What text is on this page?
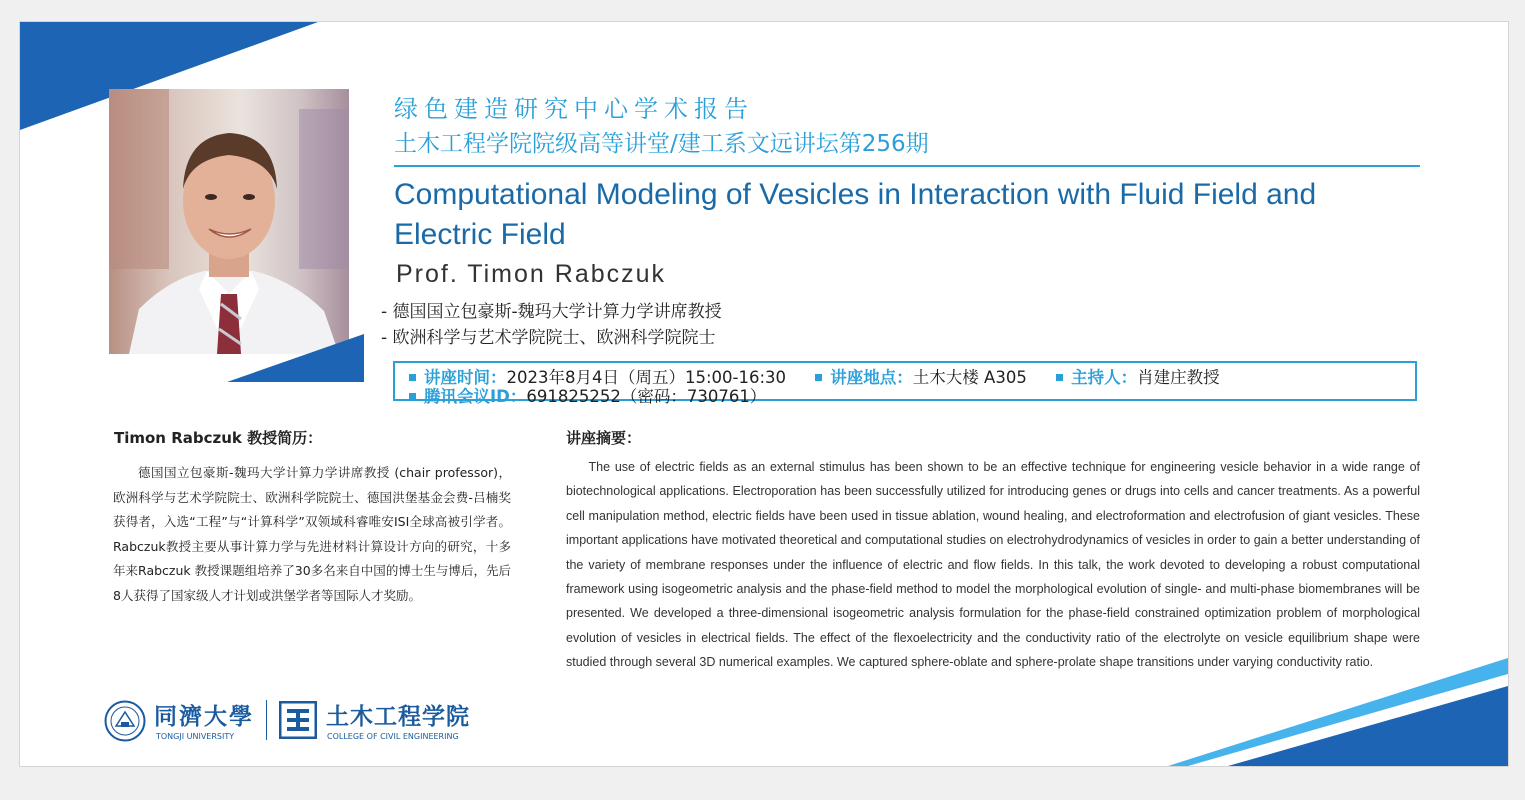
绿色建造研究中心学术报告
土木工程学院院级高等讲堂/建工系文远讲坛第256期
Computational Modeling of Vesicles in Interaction with Fluid Field and Electric Field
Prof. Timon Rabczuk
- 德国国立包豪斯-魏玛大学计算力学讲席教授
- 欧洲科学与艺术学院院士、欧洲科学院院士
讲座时间：2023年8月4日（周五）15:00-16:30	讲座地点：土木大楼 A305	主持人：肖建庄教授
腾讯会议ID：691825252（密码：730761）
Timon Rabczuk 教授简历：
德国国立包豪斯-魏玛大学计算力学讲席教授 (chair professor)，欧洲科学与艺术学院院士、欧洲科学院院士、德国洪堡基金会费-吕楠奖获得者，入选“工程”与“计算科学”双领域科睿唯安ISI全球高被引学者。Rabczuk教授主要从事计算力学与先进材料计算设计方向的研究，十多年来Rabczuk 教授课题组培养了30多名来自中国的博士生与博后，先后8人获得了国家级人才计划或洪堡学者等国际人才奖励。
讲座摘要：
The use of electric fields as an external stimulus has been shown to be an effective technique for engineering vesicle behavior in a wide range of biotechnological applications. Electroporation has been successfully utilized for introducing genes or drugs into cells and cancer treatments. As a powerful cell manipulation method, electric fields have been used in tissue ablation, wound healing, and electroformation and electrofusion of giant vesicles. These important applications have motivated theoretical and computational studies on electrohydrodynamics of vesicles in order to gain a better understanding of the variety of membrane responses under the influence of electric and flow fields. In this talk, the work devoted to developing a robust computational framework using isogeometric analysis and the phase-field method to model the morphological evolution of single- and multi-phase biomembranes will be presented. We developed a three-dimensional isogeometric analysis formulation for the phase-field constrained optimization problem of morphological evolution of vesicles in electrical fields. The effect of the flexoelectricity and the conductivity ratio of the electrolyte on vesicle equilibrium shape were studied through several 3D numerical examples. We captured sphere-oblate and sphere-prolate shape transitions under varying conductivity ratio.
同濟大學
TONGJI UNIVERSITY
土木工程学院
COLLEGE OF CIVIL ENGINEERING
